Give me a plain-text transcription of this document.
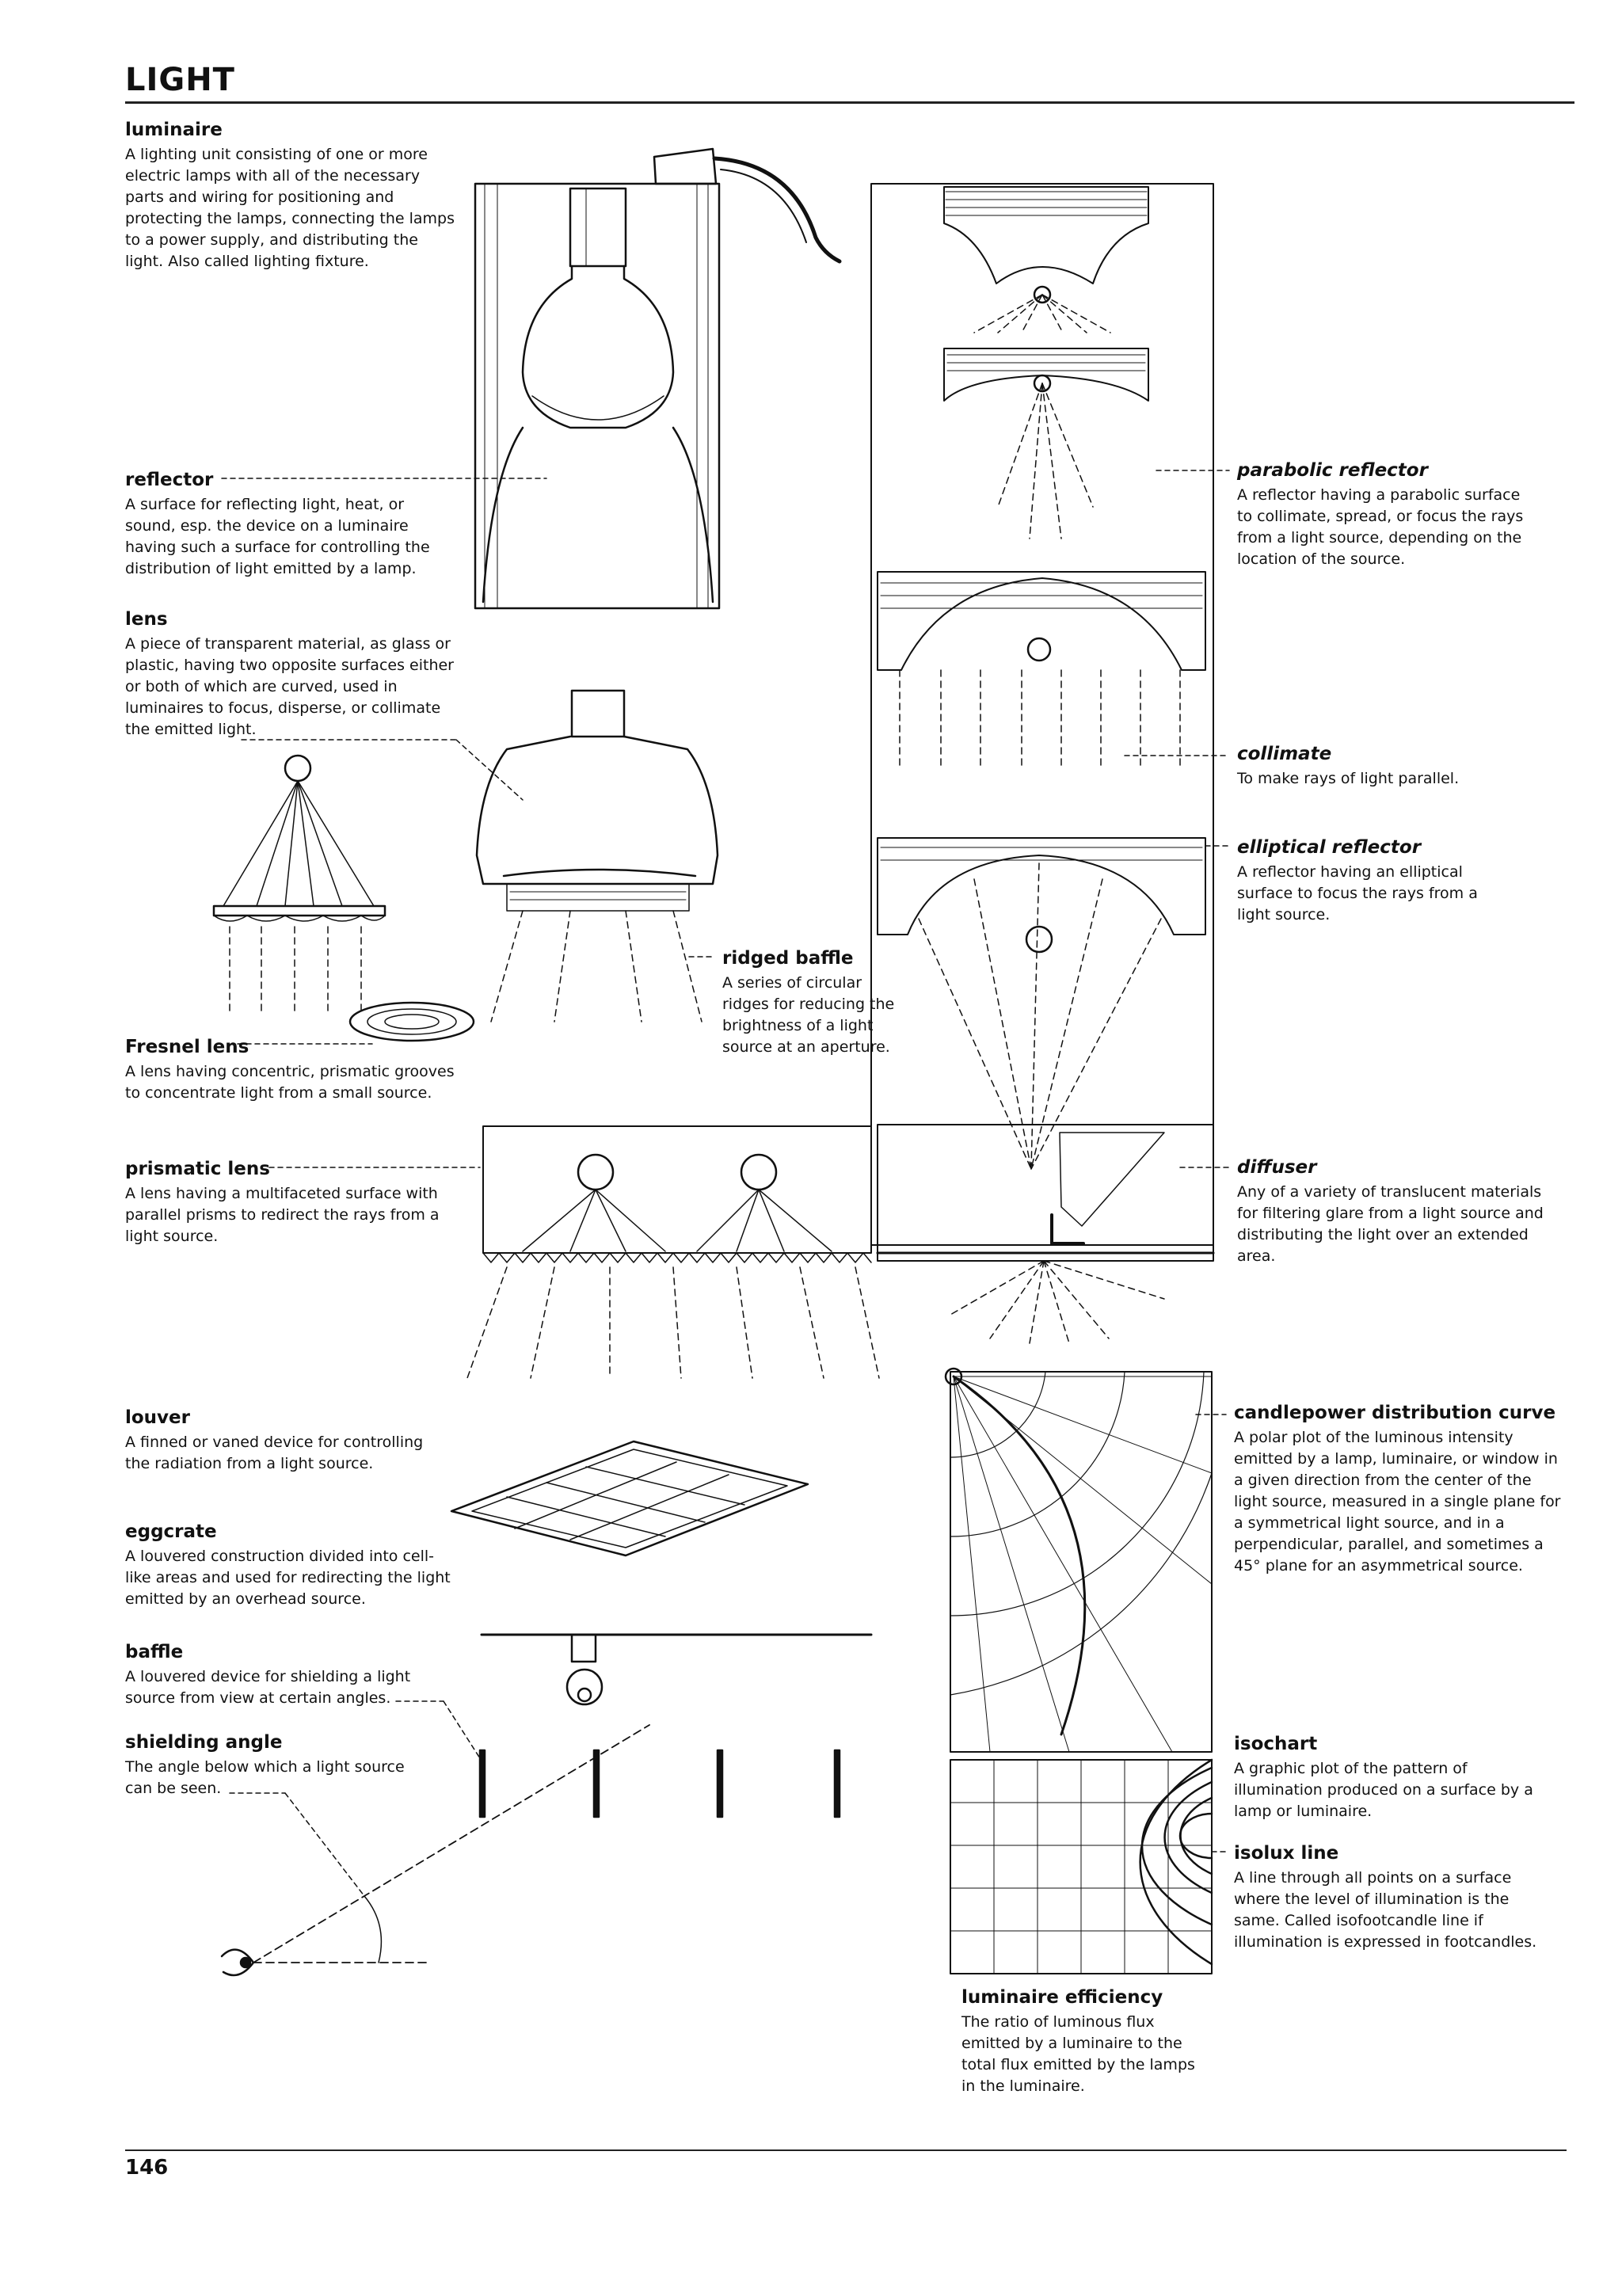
LIGHT
146

luminaire

A lighting unit consisting of one or more electric lamps with all of the necessary parts and wiring for positioning and protecting the lamps, connecting the lamps to a power supply, and distributing the light. Also called lighting fixture.

reflector

A surface for reflecting light, heat, or sound, esp. the device on a luminaire having such a surface for controlling the distribution of light emitted by a lamp.

lens

A piece of transparent material, as glass or plastic, having two opposite surfaces either or both of which are curved, used in luminaires to focus, disperse, or collimate the emitted light.

Fresnel lens

A lens having concentric, prismatic grooves to concentrate light from a small source.

prismatic lens

A lens having a multifaceted surface with parallel prisms to redirect the rays from a light source.

louver

A finned or vaned device for controlling the radiation from a light source.

eggcrate

A louvered construction divided into cell-like areas and used for redirecting the light emitted by an overhead source.

baffle

A louvered device for shielding a light source from view at certain angles.

shielding angle

The angle below which a light source can be seen.

ridged baffle

A series of circular ridges for reducing the brightness of a light source at an aperture.

luminaire efficiency

The ratio of luminous flux emitted by a luminaire to the total flux emitted by the lamps in the luminaire.

parabolic reflector

A reflector having a parabolic surface to collimate, spread, or focus the rays from a light source, depending on the location of the source.

collimate

To make rays of light parallel.

elliptical reflector

A reflector having an elliptical surface to focus the rays from a light source.

diffuser

Any of a variety of translucent materials for filtering glare from a light source and distributing the light over an extended area.

candlepower distribution curve

A polar plot of the luminous intensity emitted by a lamp, luminaire, or window in a given direction from the center of the light source, measured in a single plane for a symmetrical light source, and in a perpendicular, parallel, and sometimes a 45° plane for an asymmetrical source.

isochart

A graphic plot of the pattern of illumination produced on a surface by a lamp or luminaire.

isolux line

A line through all points on a surface where the level of illumination is the same. Called isofootcandle line if illumination is expressed in footcandles.
